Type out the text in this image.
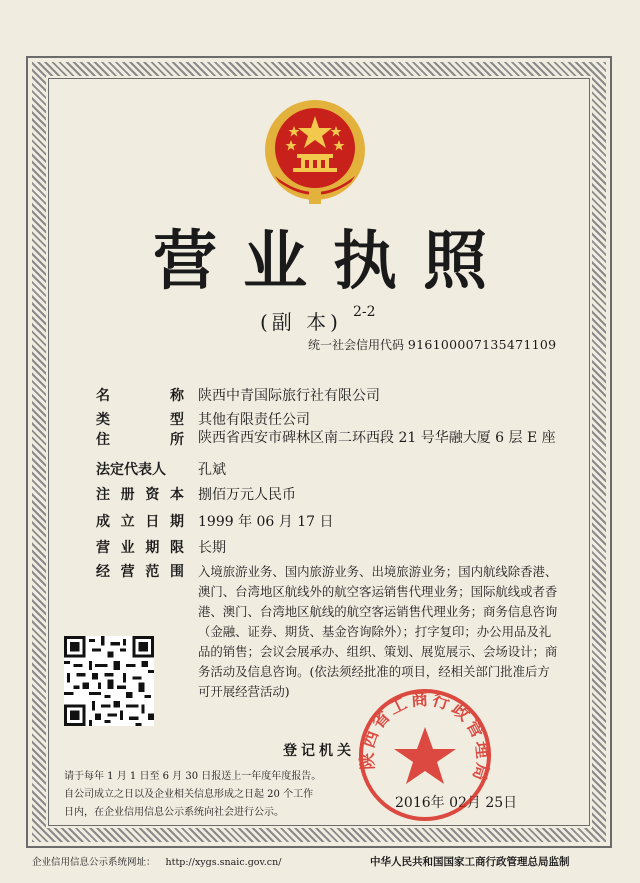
营业执照
(副 本) 2-2
统一社会信用代码 916100007135471109
名	称 陕西中青国际旅行社有限公司
类	型 其他有限责任公司
住	所 陕西省西安市碑林区南二环西段 21 号华融大厦 6 层 E 座
法定代表人 孔斌
注 册 资 本 捌佰万元人民币
成 立 日 期 1999 年 06 月 17 日
营 业 期 限 长期
经 营 范 围 入境旅游业务、国内旅游业务、出境旅游业务；国内航线除香港、
澳门、台湾地区航线外的航空客运销售代理业务；国际航线或者香
港、澳门、台湾地区航线的航空客运销售代理业务；商务信息咨询
（金融、证券、期货、基金咨询除外）；打字复印；办公用品及礼
品的销售；会议会展承办、组织、策划、展览展示、会场设计；商
务活动及信息咨询。(依法须经批准的项目，经相关部门批准后方
可开展经营活动)
登记机关
请于每年 1 月 1 日至 6 月 30 日报送上一年度年度报告。
自公司成立之日以及企业相关信息形成之日起 20 个工作
日内，在企业信用信息公示系统向社会进行公示。
2016年 02月 25日
陕西省工商行政管理局
企业信用信息公示系统网址： http://xygs.snaic.gov.cn/	中华人民共和国国家工商行政管理总局监制
